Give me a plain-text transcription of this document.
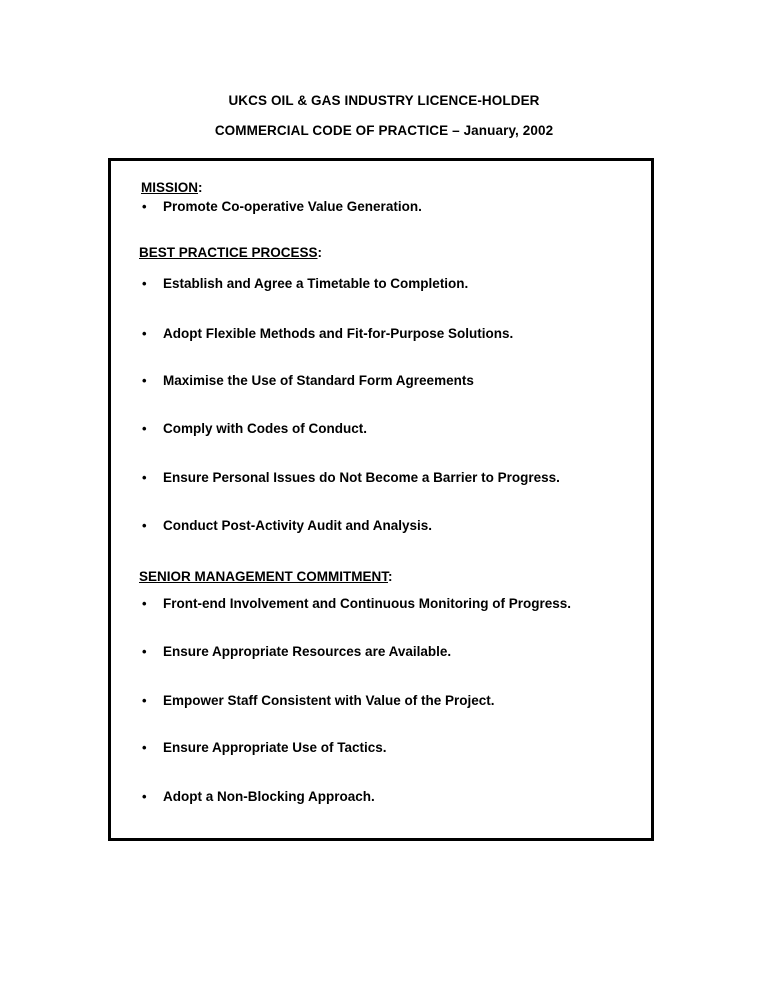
UKCS OIL & GAS INDUSTRY LICENCE-HOLDER
COMMERCIAL CODE OF PRACTICE – January, 2002
MISSION:
• Promote Co-operative Value Generation.
BEST PRACTICE PROCESS:
• Establish and Agree a Timetable to Completion.
• Adopt Flexible Methods and Fit-for-Purpose Solutions.
• Maximise the Use of Standard Form Agreements
• Comply with Codes of Conduct.
• Ensure Personal Issues do Not Become a Barrier to Progress.
• Conduct Post-Activity Audit and Analysis.
SENIOR MANAGEMENT COMMITMENT:
• Front-end Involvement and Continuous Monitoring of Progress.
• Ensure Appropriate Resources are Available.
• Empower Staff Consistent with Value of the Project.
• Ensure Appropriate Use of Tactics.
• Adopt a Non-Blocking Approach.
